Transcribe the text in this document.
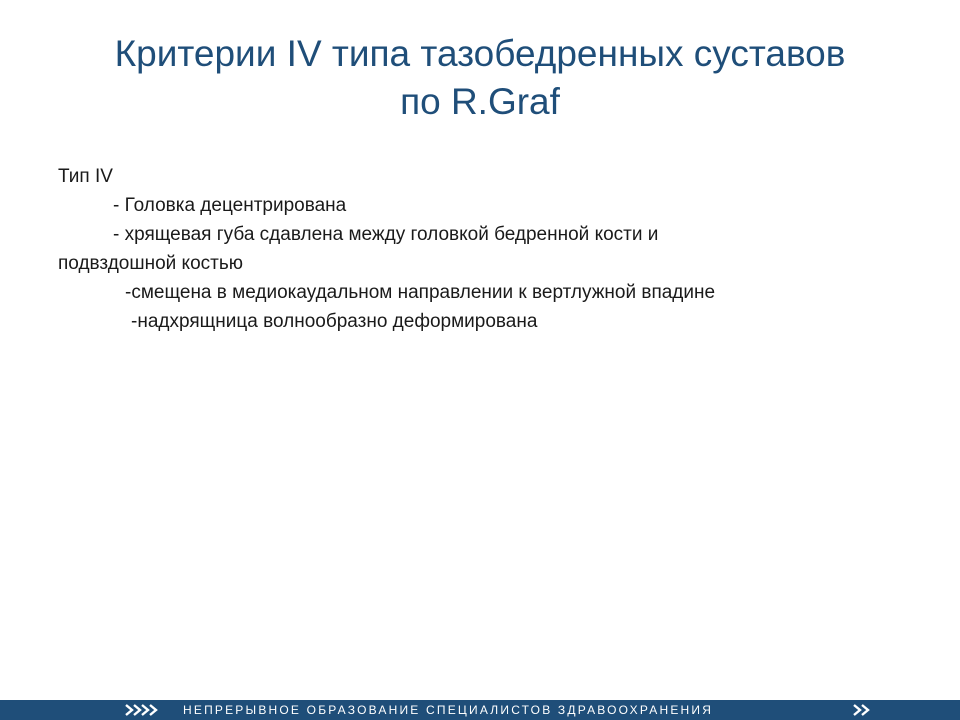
Критерии IV типа тазобедренных суставов
по R.Graf
Тип IV
- Головка децентрирована
- хрящевая губа сдавлена между головкой бедренной кости и
подвздошной костью
-смещена в медиокаудальном направлении к вертлужной впадине
-надхрящница волнообразно деформирована
НЕПРЕРЫВНОЕ ОБРАЗОВАНИЕ СПЕЦИАЛИСТОВ ЗДРАВООХРАНЕНИЯ
